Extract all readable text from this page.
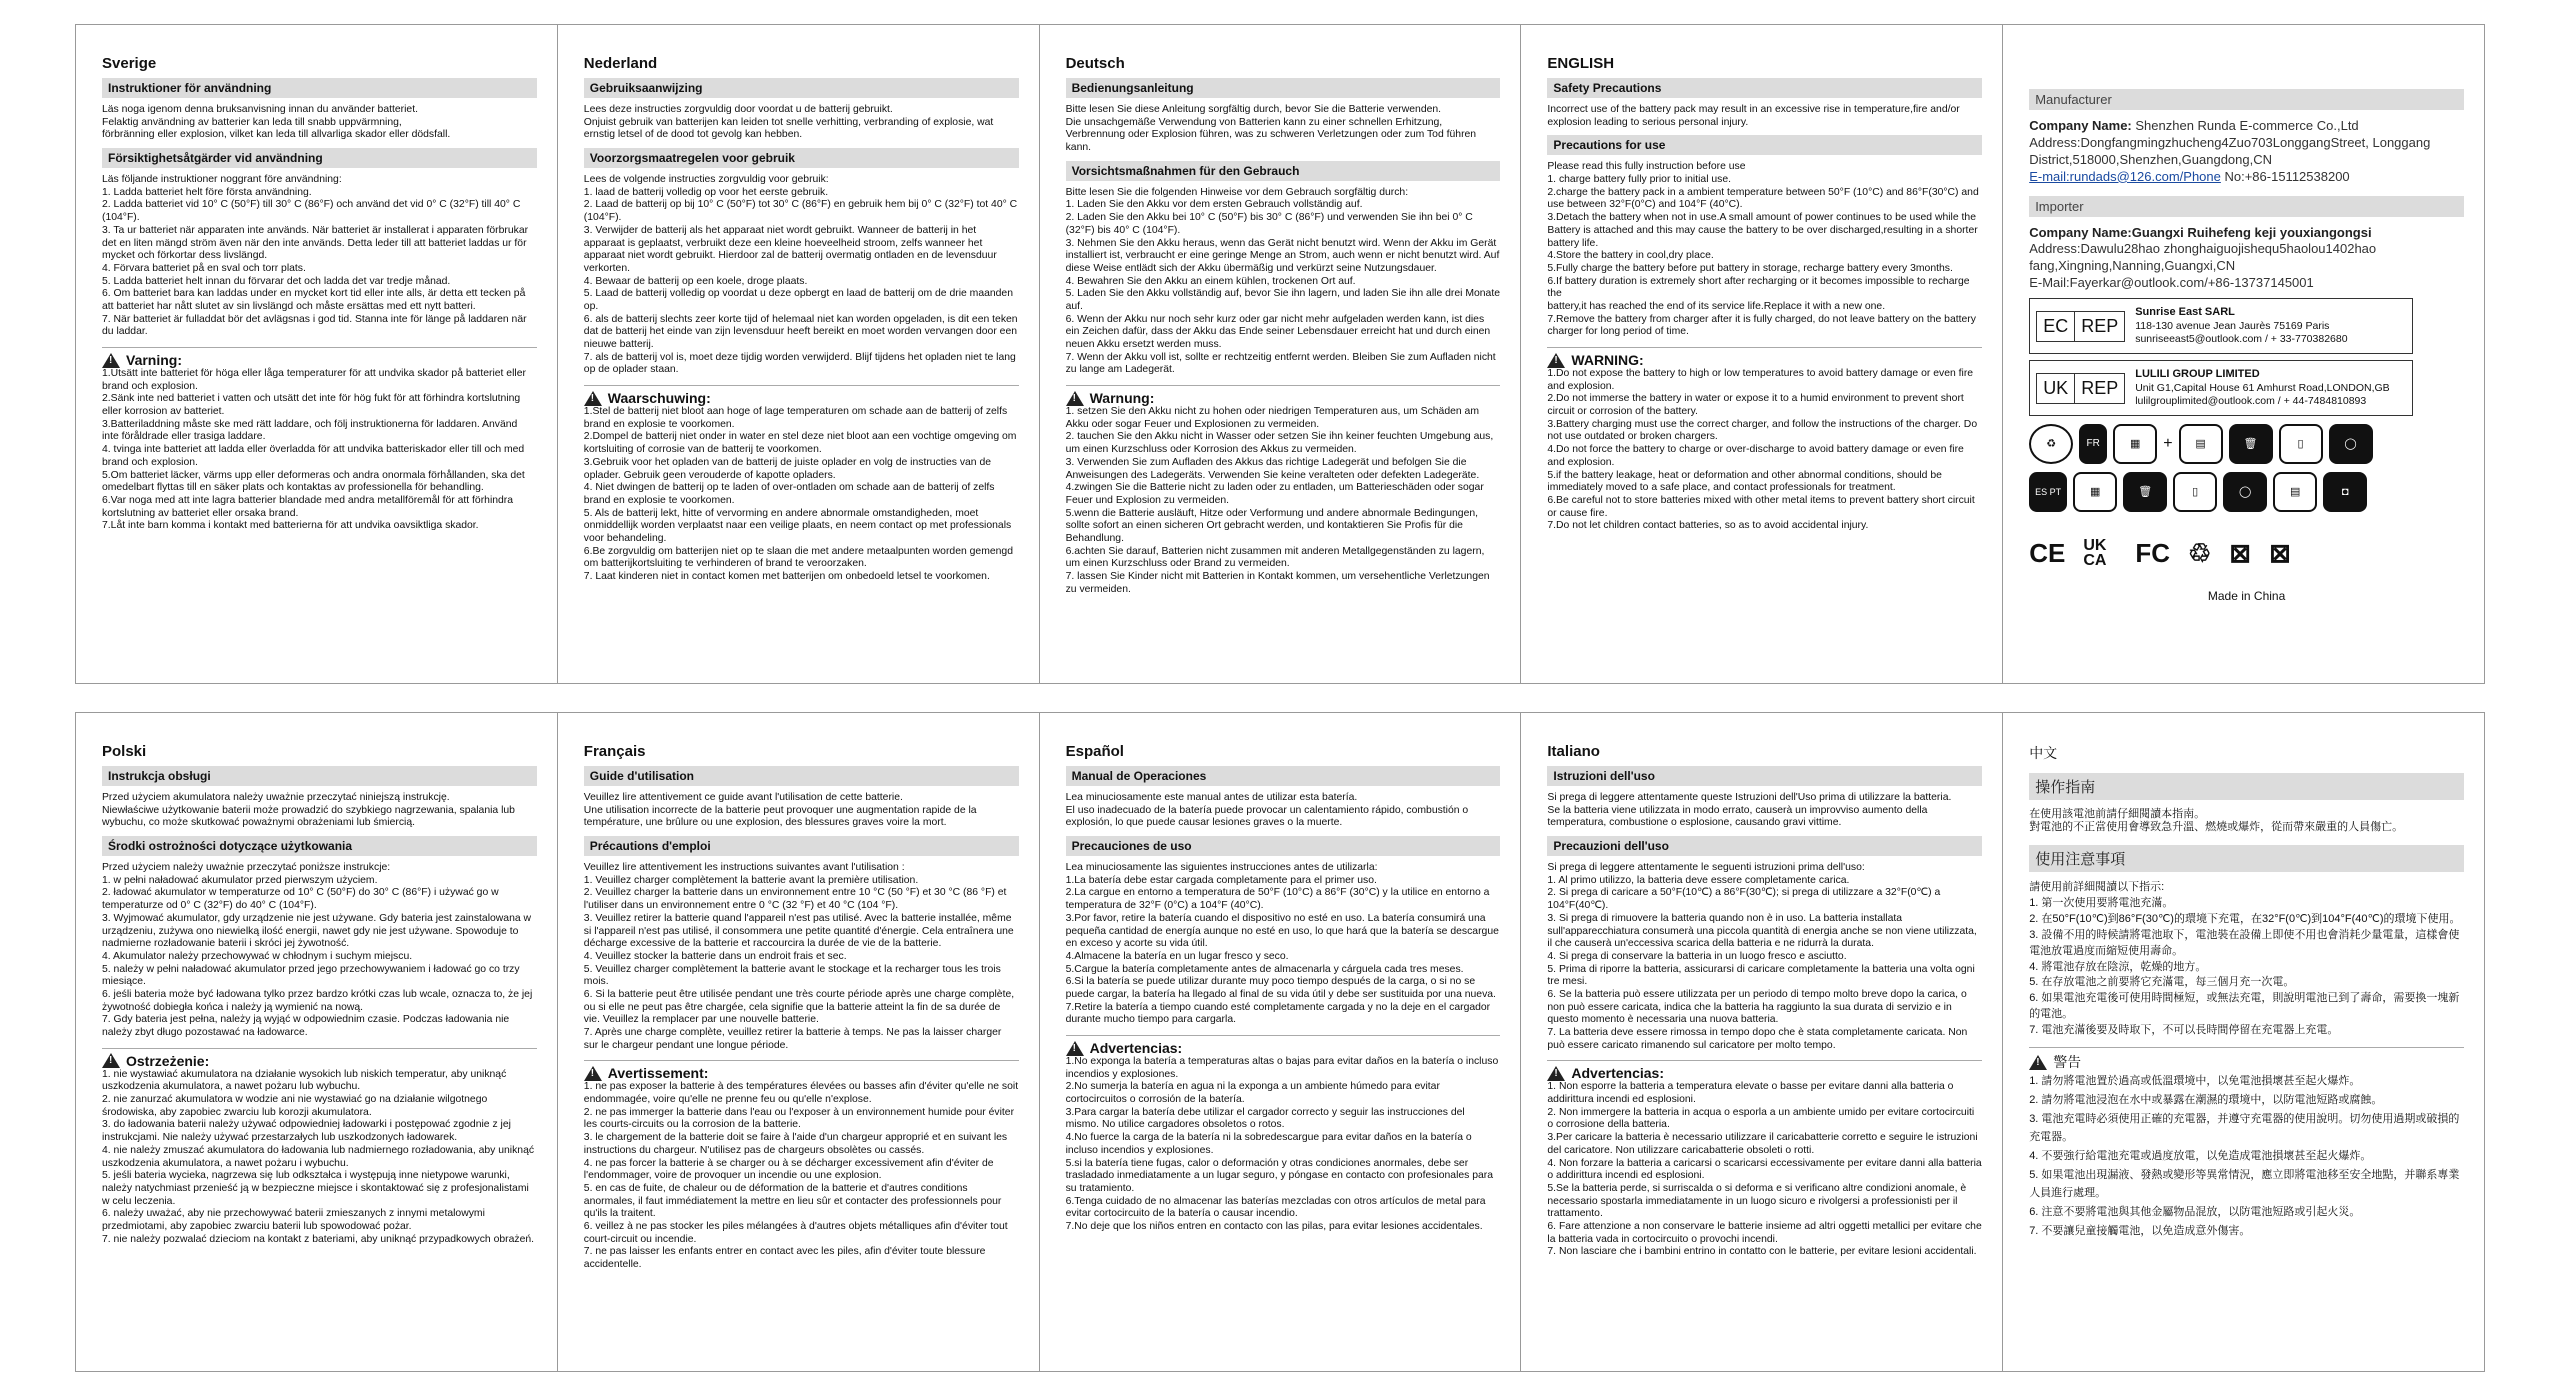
Sverige
Instruktioner för användning
Läs noga igenom denna bruksanvisning innan du använder batteriet.
Felaktig användning av batterier kan leda till snabb uppvärmning,
förbränning eller explosion, vilket kan leda till allvarliga skador eller dödsfall.
Försiktighetsåtgärder vid användning
Läs följande instruktioner noggrant före användning:
1. Ladda batteriet helt före första användning.
2. Ladda batteriet vid 10° C (50°F) till 30° C (86°F) och använd det vid 0° C (32°F) till 40° C (104°F).
3. Ta ur batteriet när apparaten inte används. När batteriet är installerat i apparaten förbrukar det en liten mängd ström även när den inte används. Detta leder till att batteriet laddas ur för mycket och förkortar dess livslängd.
4. Förvara batteriet på en sval och torr plats.
5. Ladda batteriet helt innan du förvarar det och ladda det var tredje månad.
6. Om batteriet bara kan laddas under en mycket kort tid eller inte alls, är detta ett tecken på att batteriet har nått slutet av sin livslängd och måste ersättas med ett nytt batteri.
7. När batteriet är fulladdat bör det avlägsnas i god tid. Stanna inte för länge på laddaren när du laddar.
!
Varning:
1.Utsätt inte batteriet för höga eller låga temperaturer för att undvika skador på batteriet eller brand och explosion.
2.Sänk inte ned batteriet i vatten och utsätt det inte för hög fukt för att förhindra kortslutning eller korrosion av batteriet.
3.Batteriladdning måste ske med rätt laddare, och följ instruktionerna för laddaren. Använd inte föråldrade eller trasiga laddare.
4. tvinga inte batteriet att ladda eller överladda för att undvika batteriskador eller till och med brand och explosion.
5.Om batteriet läcker, värms upp eller deformeras och andra onormala förhållanden, ska det omedelbart flyttas till en säker plats och kontaktas av professionella för behandling.
6.Var noga med att inte lagra batterier blandade med andra metallföremål för att förhindra kortslutning av batteriet eller orsaka brand.
7.Låt inte barn komma i kontakt med batterierna för att undvika oavsiktliga skador.
Nederland
Gebruiksaanwijzing
Lees deze instructies zorgvuldig door voordat u de batterij gebruikt.
Onjuist gebruik van batterijen kan leiden tot snelle verhitting, verbranding of explosie, wat ernstig letsel of de dood tot gevolg kan hebben.
Voorzorgsmaatregelen voor gebruik
Lees de volgende instructies zorgvuldig voor gebruik:
1. laad de batterij volledig op voor het eerste gebruik.
2. Laad de batterij op bij 10° C (50°F) tot 30° C (86°F) en gebruik hem bij 0° C (32°F) tot 40° C (104°F).
3. Verwijder de batterij als het apparaat niet wordt gebruikt. Wanneer de batterij in het apparaat is geplaatst, verbruikt deze een kleine hoeveelheid stroom, zelfs wanneer het apparaat niet wordt gebruikt. Hierdoor zal de batterij overmatig ontladen en de levensduur verkorten.
4. Bewaar de batterij op een koele, droge plaats.
5. Laad de batterij volledig op voordat u deze opbergt en laad de batterij om de drie maanden op.
6. als de batterij slechts zeer korte tijd of helemaal niet kan worden opgeladen, is dit een teken dat de batterij het einde van zijn levensduur heeft bereikt en moet worden vervangen door een nieuwe batterij.
7. als de batterij vol is, moet deze tijdig worden verwijderd. Blijf tijdens het opladen niet te lang op de oplader staan.
!
Waarschuwing:
1.Stel de batterij niet bloot aan hoge of lage temperaturen om schade aan de batterij of zelfs brand en explosie te voorkomen.
2.Dompel de batterij niet onder in water en stel deze niet bloot aan een vochtige omgeving om kortsluiting of corrosie van de batterij te voorkomen.
3.Gebruik voor het opladen van de batterij de juiste oplader en volg de instructies van de oplader. Gebruik geen verouderde of kapotte opladers.
4. Niet dwingen de batterij op te laden of over-ontladen om schade aan de batterij of zelfs brand en explosie te voorkomen.
5. Als de batterij lekt, hitte of vervorming en andere abnormale omstandigheden, moet onmiddellijk worden verplaatst naar een veilige plaats, en neem contact op met professionals voor behandeling.
6.Be zorgvuldig om batterijen niet op te slaan die met andere metaalpunten worden gemengd om batterijkortsluiting te verhinderen of brand te veroorzaken.
7. Laat kinderen niet in contact komen met batterijen om onbedoeld letsel te voorkomen.
Deutsch
Bedienungsanleitung
Bitte lesen Sie diese Anleitung sorgfältig durch, bevor Sie die Batterie verwenden.
Die unsachgemäße Verwendung von Batterien kann zu einer schnellen Erhitzung, Verbrennung oder Explosion führen, was zu schweren Verletzungen oder zum Tod führen kann.
Vorsichtsmaßnahmen für den Gebrauch
Bitte lesen Sie die folgenden Hinweise vor dem Gebrauch sorgfältig durch:
1. Laden Sie den Akku vor dem ersten Gebrauch vollständig auf.
2. Laden Sie den Akku bei 10° C (50°F) bis 30° C (86°F) und verwenden Sie ihn bei 0° C (32°F) bis 40° C (104°F).
3. Nehmen Sie den Akku heraus, wenn das Gerät nicht benutzt wird. Wenn der Akku im Gerät installiert ist, verbraucht er eine geringe Menge an Strom, auch wenn er nicht benutzt wird. Auf diese Weise entlädt sich der Akku übermäßig und verkürzt seine Nutzungsdauer.
4. Bewahren Sie den Akku an einem kühlen, trockenen Ort auf.
5. Laden Sie den Akku vollständig auf, bevor Sie ihn lagern, und laden Sie ihn alle drei Monate auf.
6. Wenn der Akku nur noch sehr kurz oder gar nicht mehr aufgeladen werden kann, ist dies ein Zeichen dafür, dass der Akku das Ende seiner Lebensdauer erreicht hat und durch einen neuen Akku ersetzt werden muss.
7. Wenn der Akku voll ist, sollte er rechtzeitig entfernt werden. Bleiben Sie zum Aufladen nicht zu lange am Ladegerät.
!
Warnung:
1. setzen Sie den Akku nicht zu hohen oder niedrigen Temperaturen aus, um Schäden am Akku oder sogar Feuer und Explosionen zu vermeiden.
2. tauchen Sie den Akku nicht in Wasser oder setzen Sie ihn keiner feuchten Umgebung aus, um einen Kurzschluss oder Korrosion des Akkus zu vermeiden.
3. Verwenden Sie zum Aufladen des Akkus das richtige Ladegerät und befolgen Sie die Anweisungen des Ladegeräts. Verwenden Sie keine veralteten oder defekten Ladegeräte.
4.zwingen Sie die Batterie nicht zu laden oder zu entladen, um Batterieschäden oder sogar Feuer und Explosion zu vermeiden.
5.wenn die Batterie ausläuft, Hitze oder Verformung und andere abnormale Bedingungen, sollte sofort an einen sicheren Ort gebracht werden, und kontaktieren Sie Profis für die Behandlung.
6.achten Sie darauf, Batterien nicht zusammen mit anderen Metallgegenständen zu lagern, um einen Kurzschluss oder Brand zu vermeiden.
7. lassen Sie Kinder nicht mit Batterien in Kontakt kommen, um versehentliche Verletzungen zu vermeiden.
ENGLISH
Safety Precautions
Incorrect use of the battery pack may result in an excessive rise in temperature,fire and/or explosion leading to serious personal injury.
Precautions for use
Please read this fully instruction before use
1. charge battery fully prior to initial use.
2.charge the battery pack in a ambient temperature between 50°F (10°C) and 86°F(30°C) and use between 32°F(0°C) and 104°F (40°C).
3.Detach the battery when not in use.A small amount of power continues to be used while the Battery is attached and this may cause the battery to be over discharged,resulting in a shorter battery life.
4.Store the battery in cool,dry place.
5.Fully charge the battery before put battery in storage, recharge battery every 3months.
6.If battery duration is extremely short after recharging or it becomes impossible to recharge the
battery,it has reached the end of its service life.Replace it with a new one.
7.Remove the battery from charger after it is fully charged, do not leave battery on the battery charger for long period of time.
!
WARNING:
1.Do not expose the battery to high or low temperatures to avoid battery damage or even fire and explosion.
2.Do not immerse the battery in water or expose it to a humid environment to prevent short circuit or corrosion of the battery.
3.Battery charging must use the correct charger, and follow the instructions of the charger. Do not use outdated or broken chargers.
4.Do not force the battery to charge or over-discharge to avoid battery damage or even fire and explosion.
5.if the battery leakage, heat or deformation and other abnormal conditions, should be immediately moved to a safe place, and contact professionals for treatment.
6.Be careful not to store batteries mixed with other metal items to prevent battery short circuit or cause fire.
7.Do not let children contact batteries, so as to avoid accidental injury.
Manufacturer
Company Name: Shenzhen Runda E-commerce Co.,Ltd
Address:Dongfangmingzhucheng4Zuo703LonggangStreet, Longgang District,518000,Shenzhen,Guangdong,CN
E-mail:rundads@126.com/Phone No:+86-15112538200
Importer
Company Name:Guangxi Ruihefeng keji youxiangongsi
Address:Dawulu28hao zhonghaiguojishequ5haolou1402hao fang,Xingning,Nanning,Guangxi,CN
E-Mail:Fayerkar@outlook.com/+86-13737145001
EC REP
Sunrise East SARL
118-130 avenue Jean Jaurès 75169 Paris
sunriseeast5@outlook.com / + 33-770382680
UK REP
LULILI GROUP LIMITED
Unit G1,Capital House 61 Amhurst Road,LONDON,GB
lulilgrouplimited@outlook.com / + 44-7484810893
♻	FR	▦	+	▤	🗑	▯	◯
ES PT	▦	🗑	▯	◯	▤	◘
CE UK CA	FC ♲ ⊠ ⊠
Made in China
Polski
Instrukcja obsługi
Przed użyciem akumulatora należy uważnie przeczytać niniejszą instrukcję.
Niewłaściwe użytkowanie baterii może prowadzić do szybkiego nagrzewania, spalania lub wybuchu, co może skutkować poważnymi obrażeniami lub śmiercią.
Środki ostrożności dotyczące użytkowania
Przed użyciem należy uważnie przeczytać poniższe instrukcje:
1. w pełni naładować akumulator przed pierwszym użyciem.
2. ładować akumulator w temperaturze od 10° C (50°F) do 30° C (86°F) i używać go w temperaturze od 0° C (32°F) do 40° C (104°F).
3. Wyjmować akumulator, gdy urządzenie nie jest używane. Gdy bateria jest zainstalowana w urządzeniu, zużywa ono niewielką ilość energii, nawet gdy nie jest używane. Spowoduje to nadmierne rozładowanie baterii i skróci jej żywotność.
4. Akumulator należy przechowywać w chłodnym i suchym miejscu.
5. należy w pełni naładować akumulator przed jego przechowywaniem i ładować go co trzy miesiące.
6. jeśli bateria może być ładowana tylko przez bardzo krótki czas lub wcale, oznacza to, że jej żywotność dobiegła końca i należy ją wymienić na nową.
7. Gdy bateria jest pełna, należy ją wyjąć w odpowiednim czasie. Podczas ładowania nie należy zbyt długo pozostawać na ładowarce.
!
Ostrzeżenie:
1. nie wystawiać akumulatora na działanie wysokich lub niskich temperatur, aby uniknąć uszkodzenia akumulatora, a nawet pożaru lub wybuchu.
2. nie zanurzać akumulatora w wodzie ani nie wystawiać go na działanie wilgotnego środowiska, aby zapobiec zwarciu lub korozji akumulatora.
3. do ładowania baterii należy używać odpowiedniej ładowarki i postępować zgodnie z jej instrukcjami. Nie należy używać przestarzałych lub uszkodzonych ładowarek.
4. nie należy zmuszać akumulatora do ładowania lub nadmiernego rozładowania, aby uniknąć uszkodzenia akumulatora, a nawet pożaru i wybuchu.
5. jeśli bateria wycieka, nagrzewa się lub odkształca i występują inne nietypowe warunki, należy natychmiast przenieść ją w bezpieczne miejsce i skontaktować się z profesjonalistami w celu leczenia.
6. należy uważać, aby nie przechowywać baterii zmieszanych z innymi metalowymi przedmiotami, aby zapobiec zwarciu baterii lub spowodować pożar.
7. nie należy pozwalać dzieciom na kontakt z bateriami, aby uniknąć przypadkowych obrażeń.
Français
Guide d'utilisation
Veuillez lire attentivement ce guide avant l'utilisation de cette batterie.
Une utilisation incorrecte de la batterie peut provoquer une augmentation rapide de la température, une brûlure ou une explosion, des blessures graves voire la mort.
Précautions d'emploi
Veuillez lire attentivement les instructions suivantes avant l'utilisation :
1. Veuillez charger complètement la batterie avant la première utilisation.
2. Veuillez charger la batterie dans un environnement entre 10 °C (50 °F) et 30 °C (86 °F) et l'utiliser dans un environnement entre 0 °C (32 °F) et 40 °C (104 °F).
3. Veuillez retirer la batterie quand l'appareil n'est pas utilisé. Avec la batterie installée, même si l'appareil n'est pas utilisé, il consommera une petite quantité d'énergie. Cela entraînera une décharge excessive de la batterie et raccourcira la durée de vie de la batterie.
4. Veuillez stocker la batterie dans un endroit frais et sec.
5. Veuillez charger complètement la batterie avant le stockage et la recharger tous les trois mois.
6. Si la batterie peut être utilisée pendant une très courte période après une charge complète, ou si elle ne peut pas être chargée, cela signifie que la batterie atteint la fin de sa durée de vie. Veuillez la remplacer par une nouvelle batterie.
7. Après une charge complète, veuillez retirer la batterie à temps. Ne pas la laisser charger sur le chargeur pendant une longue période.
!
Avertissement:
1. ne pas exposer la batterie à des températures élevées ou basses afin d'éviter qu'elle ne soit endommagée, voire qu'elle ne prenne feu ou qu'elle n'explose.
2. ne pas immerger la batterie dans l'eau ou l'exposer à un environnement humide pour éviter les courts-circuits ou la corrosion de la batterie.
3. le chargement de la batterie doit se faire à l'aide d'un chargeur approprié et en suivant les instructions du chargeur. N'utilisez pas de chargeurs obsolètes ou cassés.
4. ne pas forcer la batterie à se charger ou à se décharger excessivement afin d'éviter de l'endommager, voire de provoquer un incendie ou une explosion.
5. en cas de fuite, de chaleur ou de déformation de la batterie et d'autres conditions anormales, il faut immédiatement la mettre en lieu sûr et contacter des professionnels pour qu'ils la traitent.
6. veillez à ne pas stocker les piles mélangées à d'autres objets métalliques afin d'éviter tout court-circuit ou incendie.
7. ne pas laisser les enfants entrer en contact avec les piles, afin d'éviter toute blessure accidentelle.
Español
Manual de Operaciones
Lea minuciosamente este manual antes de utilizar esta batería.
El uso inadecuado de la batería puede provocar un calentamiento rápido, combustión o explosión, lo que puede causar lesiones graves o la muerte.
Precauciones de uso
Lea minuciosamente las siguientes instrucciones antes de utilizarla:
1.La batería debe estar cargada completamente para el primer uso.
2.La cargue en entorno a temperatura de 50°F (10°C) a 86°F (30°C) y la utilice en entorno a temperatura de 32°F (0°C) a 104°F (40°C).
3.Por favor, retire la batería cuando el dispositivo no esté en uso. La batería consumirá una pequeña cantidad de energía aunque no esté en uso, lo que hará que la batería se descargue en exceso y acorte su vida útil.
4.Almacene la batería en un lugar fresco y seco.
5.Cargue la batería completamente antes de almacenarla y cárguela cada tres meses.
6.Si la batería se puede utilizar durante muy poco tiempo después de la carga, o si no se puede cargar, la batería ha llegado al final de su vida útil y debe ser sustituida por una nueva.
7.Retire la batería a tiempo cuando esté completamente cargada y no la deje en el cargador durante mucho tiempo para cargarla.
!
Advertencias:
1.No exponga la batería a temperaturas altas o bajas para evitar daños en la batería o incluso incendios y explosiones.
2.No sumerja la batería en agua ni la exponga a un ambiente húmedo para evitar cortocircuitos o corrosión de la batería.
3.Para cargar la batería debe utilizar el cargador correcto y seguir las instrucciones del mismo. No utilice cargadores obsoletos o rotos.
4.No fuerce la carga de la batería ni la sobredescargue para evitar daños en la batería o incluso incendios y explosiones.
5.si la batería tiene fugas, calor o deformación y otras condiciones anormales, debe ser trasladado inmediatamente a un lugar seguro, y póngase en contacto con profesionales para su tratamiento.
6.Tenga cuidado de no almacenar las baterías mezcladas con otros artículos de metal para evitar cortocircuito de la batería o causar incendio.
7.No deje que los niños entren en contacto con las pilas, para evitar lesiones accidentales.
Italiano
Istruzioni dell'uso
Si prega di leggere attentamente queste Istruzioni dell'Uso prima di utilizzare la batteria.
Se la batteria viene utilizzata in modo errato, causerà un improvviso aumento della temperatura, combustione o esplosione, causando gravi vittime.
Precauzioni dell'uso
Si prega di leggere attentamente le seguenti istruzioni prima dell'uso:
1. Al primo utilizzo, la batteria deve essere completamente carica.
2. Si prega di caricare a 50°F(10℃) a 86°F(30℃); si prega di utilizzare a 32°F(0℃) a 104°F(40℃).
3. Si prega di rimuovere la batteria quando non è in uso. La batteria installata sull'apparecchiatura consumerà una piccola quantità di energia anche se non viene utilizzata, il che causerà un'eccessiva scarica della batteria e ne ridurrà la durata.
4. Si prega di conservare la batteria in un luogo fresco e asciutto.
5. Prima di riporre la batteria, assicurarsi di caricare completamente la batteria una volta ogni tre mesi.
6. Se la batteria può essere utilizzata per un periodo di tempo molto breve dopo la carica, o non può essere caricata, indica che la batteria ha raggiunto la sua durata di servizio e in questo momento è necessaria una nuova batteria.
7. La batteria deve essere rimossa in tempo dopo che è stata completamente caricata. Non può essere caricato rimanendo sul caricatore per molto tempo.
!
Advertencias:
1. Non esporre la batteria a temperatura elevate o basse per evitare danni alla batteria o addirittura incendi ed esplosioni.
2. Non immergere la batteria in acqua o esporla a un ambiente umido per evitare cortocircuiti o corrosione della batteria.
3.Per caricare la batteria è necessario utilizzare il caricabatterie corretto e seguire le istruzioni del caricatore. Non utilizzare caricabatterie obsoleti o rotti.
4. Non forzare la batteria a caricarsi o scaricarsi eccessivamente per evitare danni alla batteria o addirittura incendi ed esplosioni.
5.Se la batteria perde, si surriscalda o si deforma e si verificano altre condizioni anomale, è necessario spostarla immediatamente in un luogo sicuro e rivolgersi a professionisti per il trattamento.
6. Fare attenzione a non conservare le batterie insieme ad altri oggetti metallici per evitare che la batteria vada in cortocircuito o provochi incendi.
7. Non lasciare che i bambini entrino in contatto con le batterie, per evitare lesioni accidentali.
中文
操作指南
在使用該電池前請仔細閱讀本指南。
對電池的不正當使用會導致急升溫、燃燒或爆炸，從而帶來嚴重的人員傷亡。
使用注意事項
請使用前詳細閱讀以下指示:
1. 第一次使用要將電池充滿。
2. 在50°F(10℃)到86°F(30℃)的環境下充電，在32°F(0℃)到104°F(40℃)的環境下使用。
3. 設備不用的時候請將電池取下，電池裝在設備上即使不用也會消耗少量電量，這樣會使電池放電過度而縮短使用壽命。
4. 將電池存放在陰涼，乾燥的地方。
5. 在存放電池之前要將它充滿電，每三個月充一次電。
6. 如果電池充電後可使用時間極短，或無法充電，則說明電池已到了壽命，需要換一塊新的電池。
7. 電池充滿後要及時取下，不可以長時間停留在充電器上充電。
!
警告
1. 請勿將電池置於過高或低溫環境中，以免電池損壞甚至起火爆炸。
2. 請勿將電池浸泡在水中或暴露在潮濕的環境中，以防電池短路或腐蝕。
3. 電池充電時必須使用正確的充電器，并遵守充電器的使用說明。切勿使用過期或破損的充電器。
4. 不要強行給電池充電或過度放電，以免造成電池損壞甚至起火爆炸。
5. 如果電池出現漏液、發熱或變形等異常情況，應立即將電池移至安全地點，并聯系專業人員進行處理。
6. 注意不要將電池與其他金屬物品混放，以防電池短路或引起火災。
7. 不要讓兒童接觸電池，以免造成意外傷害。
